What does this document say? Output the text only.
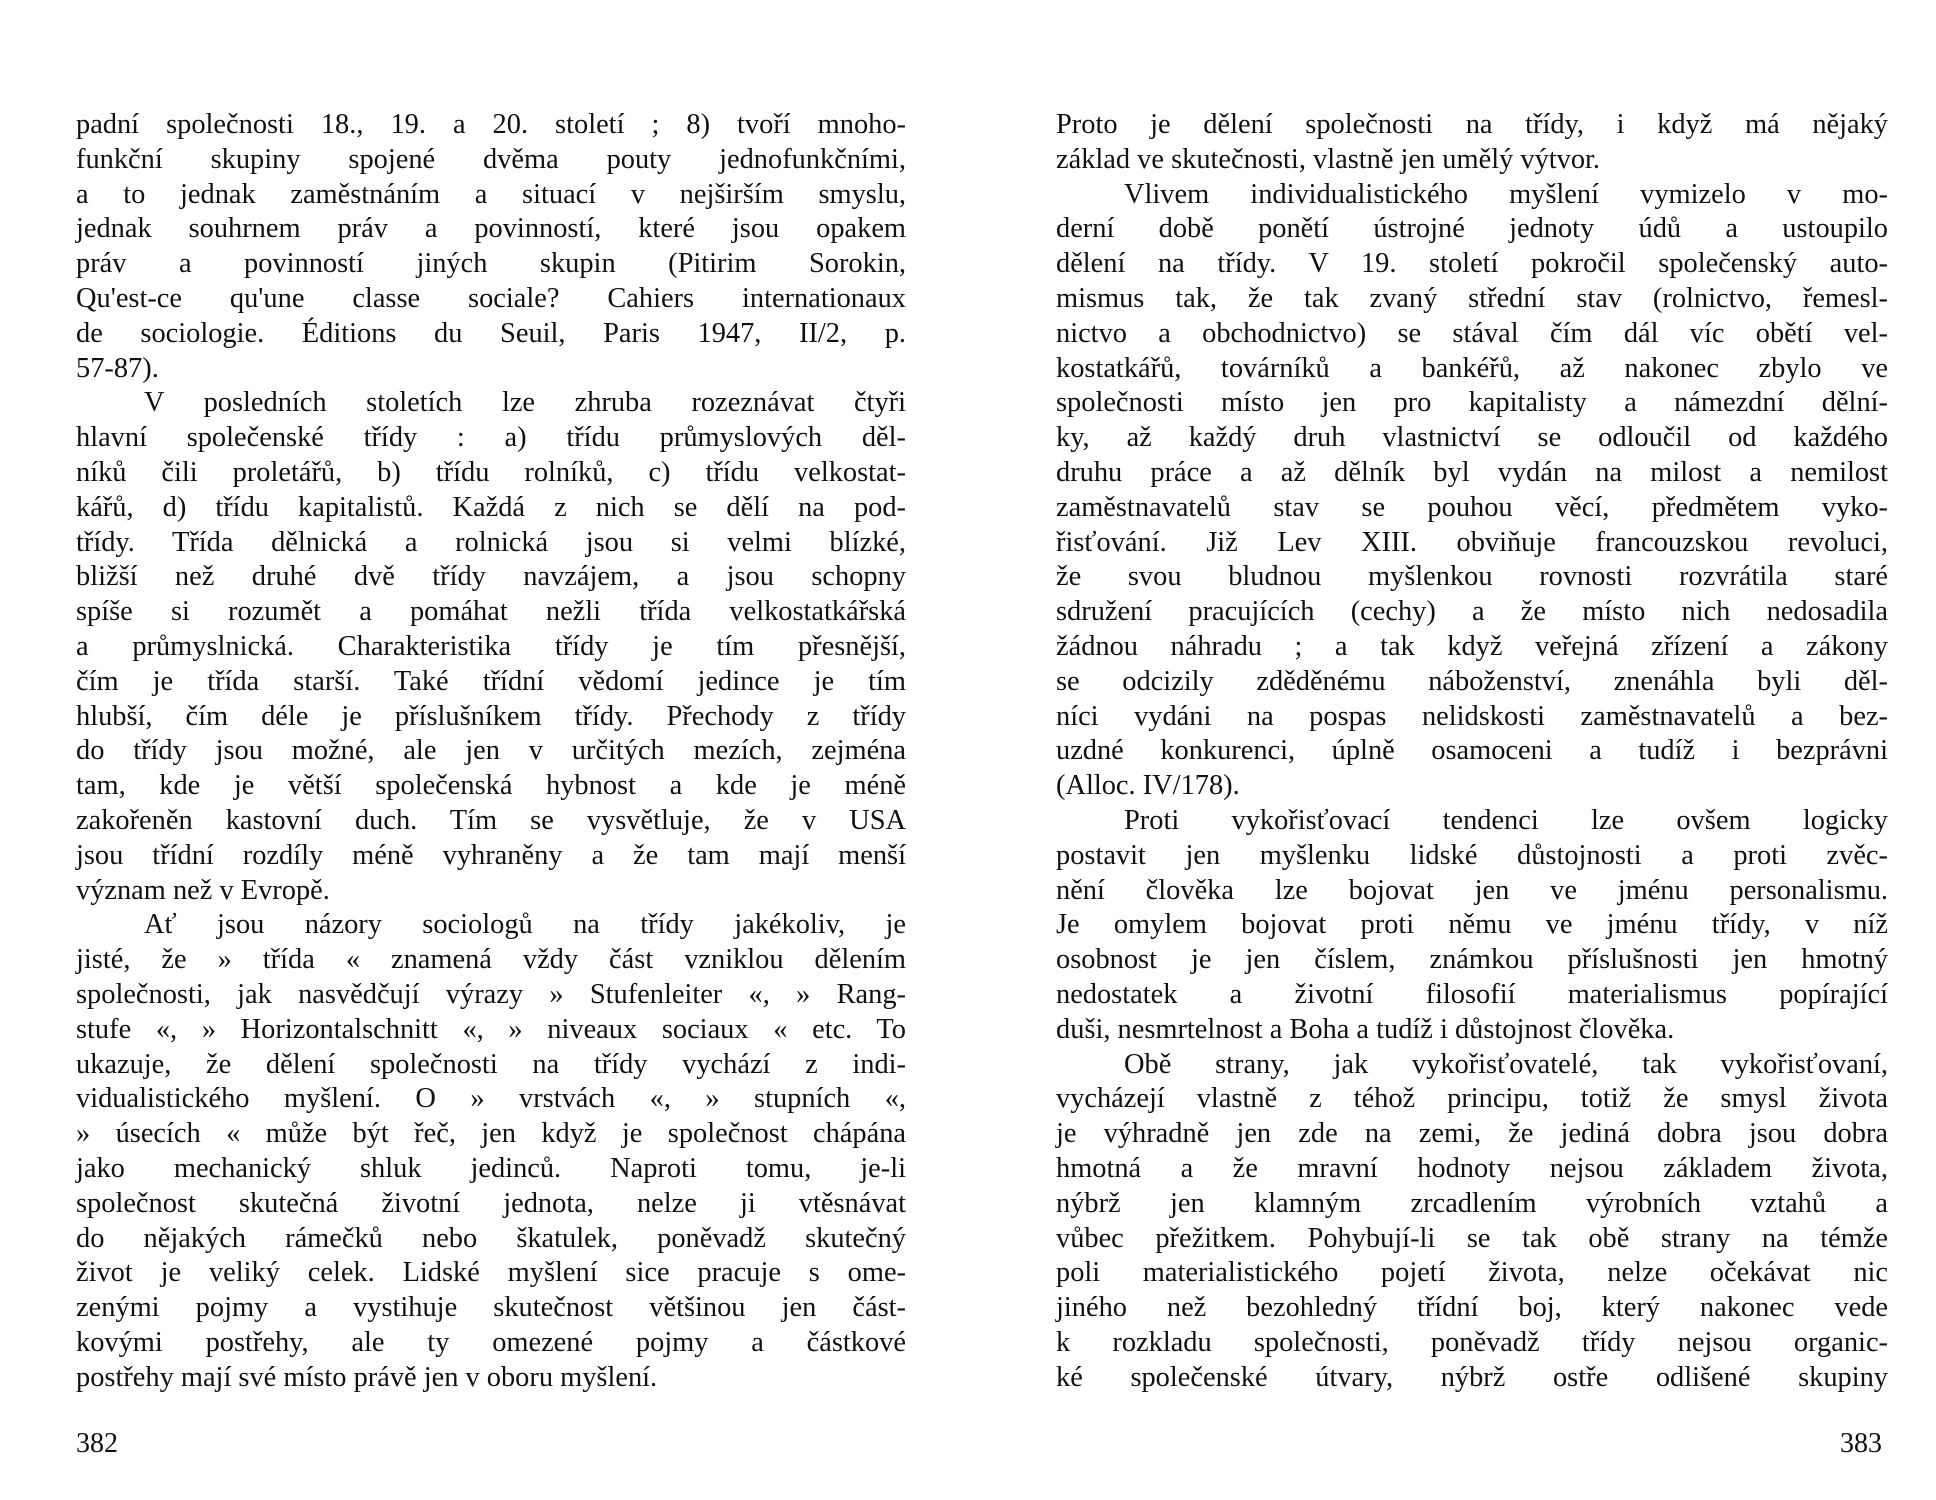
padní společnosti 18., 19. a 20. století ; 8) tvoří mnoho-
funkční skupiny spojené dvěma pouty jednofunkčními,
a to jednak zaměstnáním a situací v nejširším smyslu,
jednak souhrnem práv a povinností, které jsou opakem
práv a povinností jiných skupin (Pitirim Sorokin,
Qu'est-ce qu'une classe sociale? Cahiers internationaux
de sociologie. Éditions du Seuil, Paris 1947, II/2, p.
57-87).
V posledních stoletích lze zhruba rozeznávat čtyři
hlavní společenské třídy : a) třídu průmyslových děl-
níků čili proletářů, b) třídu rolníků, c) třídu velkostat-
kářů, d) třídu kapitalistů. Každá z nich se dělí na pod-
třídy. Třída dělnická a rolnická jsou si velmi blízké,
bližší než druhé dvě třídy navzájem, a jsou schopny
spíše si rozumět a pomáhat nežli třída velkostatkářská
a průmyslnická. Charakteristika třídy je tím přesnější,
čím je třída starší. Také třídní vědomí jedince je tím
hlubší, čím déle je příslušníkem třídy. Přechody z třídy
do třídy jsou možné, ale jen v určitých mezích, zejména
tam, kde je větší společenská hybnost a kde je méně
zakořeněn kastovní duch. Tím se vysvětluje, že v USA
jsou třídní rozdíly méně vyhraněny a že tam mají menší
význam než v Evropě.
Ať jsou názory sociologů na třídy jakékoliv, je
jisté, že » třída « znamená vždy část vzniklou dělením
společnosti, jak nasvědčují výrazy » Stufenleiter «, » Rang-
stufe «, » Horizontalschnitt «, » niveaux sociaux « etc. To
ukazuje, že dělení společnosti na třídy vychází z indi-
vidualistického myšlení. O » vrstvách «, » stupních «,
» úsecích « může být řeč, jen když je společnost chápána
jako mechanický shluk jedinců. Naproti tomu, je-li
společnost skutečná životní jednota, nelze ji vtěsnávat
do nějakých rámečků nebo škatulek, poněvadž skutečný
život je veliký celek. Lidské myšlení sice pracuje s ome-
zenými pojmy a vystihuje skutečnost většinou jen část-
kovými postřehy, ale ty omezené pojmy a částkové
postřehy mají své místo právě jen v oboru myšlení.
382
Proto je dělení společnosti na třídy, i když má nějaký
základ ve skutečnosti, vlastně jen umělý výtvor.
Vlivem individualistického myšlení vymizelo v mo-
derní době ponětí ústrojné jednoty údů a ustoupilo
dělení na třídy. V 19. století pokročil společenský auto-
mismus tak, že tak zvaný střední stav (rolnictvo, řemesl-
nictvo a obchodnictvo) se stával čím dál víc obětí vel-
kostatkářů, továrníků a bankéřů, až nakonec zbylo ve
společnosti místo jen pro kapitalisty a námezdní dělní-
ky, až každý druh vlastnictví se odloučil od každého
druhu práce a až dělník byl vydán na milost a nemilost
zaměstnavatelů stav se pouhou věcí, předmětem vyko-
řisťování. Již Lev XIII. obviňuje francouzskou revoluci,
že svou bludnou myšlenkou rovnosti rozvrátila staré
sdružení pracujících (cechy) a že místo nich nedosadila
žádnou náhradu ; a tak když veřejná zřízení a zákony
se odcizily zděděnému náboženství, znenáhla byli děl-
níci vydáni na pospas nelidskosti zaměstnavatelů a bez-
uzdné konkurenci, úplně osamoceni a tudíž i bezprávni
(Alloc. IV/178).
Proti vykořisťovací tendenci lze ovšem logicky
postavit jen myšlenku lidské důstojnosti a proti zvěc-
nění člověka lze bojovat jen ve jménu personalismu.
Je omylem bojovat proti němu ve jménu třídy, v níž
osobnost je jen číslem, známkou příslušnosti jen hmotný
nedostatek a životní filosofií materialismus popírající
duši, nesmrtelnost a Boha a tudíž i důstojnost člověka.
Obě strany, jak vykořisťovatelé, tak vykořisťovaní,
vycházejí vlastně z téhož principu, totiž že smysl života
je výhradně jen zde na zemi, že jediná dobra jsou dobra
hmotná a že mravní hodnoty nejsou základem života,
nýbrž jen klamným zrcadlením výrobních vztahů a
vůbec přežitkem. Pohybují-li se tak obě strany na témže
poli materialistického pojetí života, nelze očekávat nic
jiného než bezohledný třídní boj, který nakonec vede
k rozkladu společnosti, poněvadž třídy nejsou organic-
ké společenské útvary, nýbrž ostře odlišené skupiny
383
